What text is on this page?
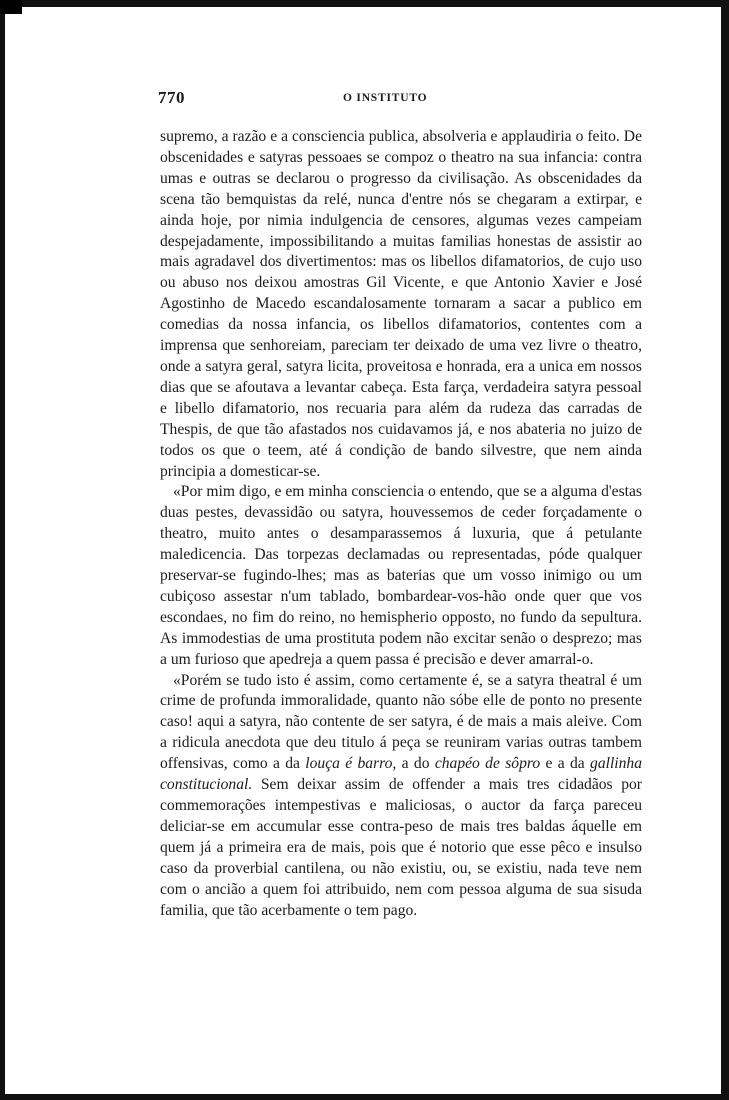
770	O INSTITUTO

supremo, a razão e a consciencia publica, absolveria e applaudiria o feito. De obscenidades e satyras pessoaes se compoz o theatro na sua infancia: contra umas e outras se declarou o progresso da civilisação. As obscenidades da scena tão bemquistas da relé, nunca d'entre nós se chegaram a extirpar, e ainda hoje, por nimia indulgencia de censores, algumas vezes campeiam despejadamente, impossibilitando a muitas familias honestas de assistir ao mais agradavel dos divertimentos: mas os libellos difamatorios, de cujo uso ou abuso nos deixou amostras Gil Vicente, e que Antonio Xavier e José Agostinho de Macedo escandalosamente tornaram a sacar a publico em comedias da nossa infancia, os libellos difamatorios, contentes com a imprensa que senhoreiam, pareciam ter deixado de uma vez livre o theatro, onde a satyra geral, satyra licita, proveitosa e honrada, era a unica em nossos dias que se afoutava a levantar cabeça. Esta farça, verdadeira satyra pessoal e libello difamatorio, nos recuaria para além da rudeza das carradas de Thespis, de que tão afastados nos cuidavamos já, e nos abateria no juizo de todos os que o teem, até á condição de bando silvestre, que nem ainda principia a domesticar-se.

«Por mim digo, e em minha consciencia o entendo, que se a alguma d'estas duas pestes, devassidão ou satyra, houvessemos de ceder forçadamente o theatro, muito antes o desamparassemos á luxuria, que á petulante maledicencia. Das torpezas declamadas ou representadas, póde qualquer preservar-se fugindo-lhes; mas as baterias que um vosso inimigo ou um cubiçoso assestar n'um tablado, bombardear-vos-hão onde quer que vos escondaes, no fim do reino, no hemispherio opposto, no fundo da sepultura. As immodestias de uma prostituta podem não excitar senão o desprezo; mas a um furioso que apedreja a quem passa é precisão e dever amarral-o.

«Porém se tudo isto é assim, como certamente é, se a satyra theatral é um crime de profunda immoralidade, quanto não sóbe elle de ponto no presente caso! aqui a satyra, não contente de ser satyra, é de mais a mais aleive. Com a ridicula anecdota que deu titulo á peça se reuniram varias outras tambem offensivas, como a da louça é barro, a do chapéo de sôpro e a da gallinha constitucional. Sem deixar assim de offender a mais tres cidadãos por commemorações intempestivas e maliciosas, o auctor da farça pareceu deliciar-se em accumular esse contra-peso de mais tres baldas áquelle em quem já a primeira era de mais, pois que é notorio que esse pêco e insulso caso da proverbial cantilena, ou não existiu, ou, se existiu, nada teve nem com o ancião a quem foi attribuido, nem com pessoa alguma de sua sisuda familia, que tão acerbamente o tem pago.
